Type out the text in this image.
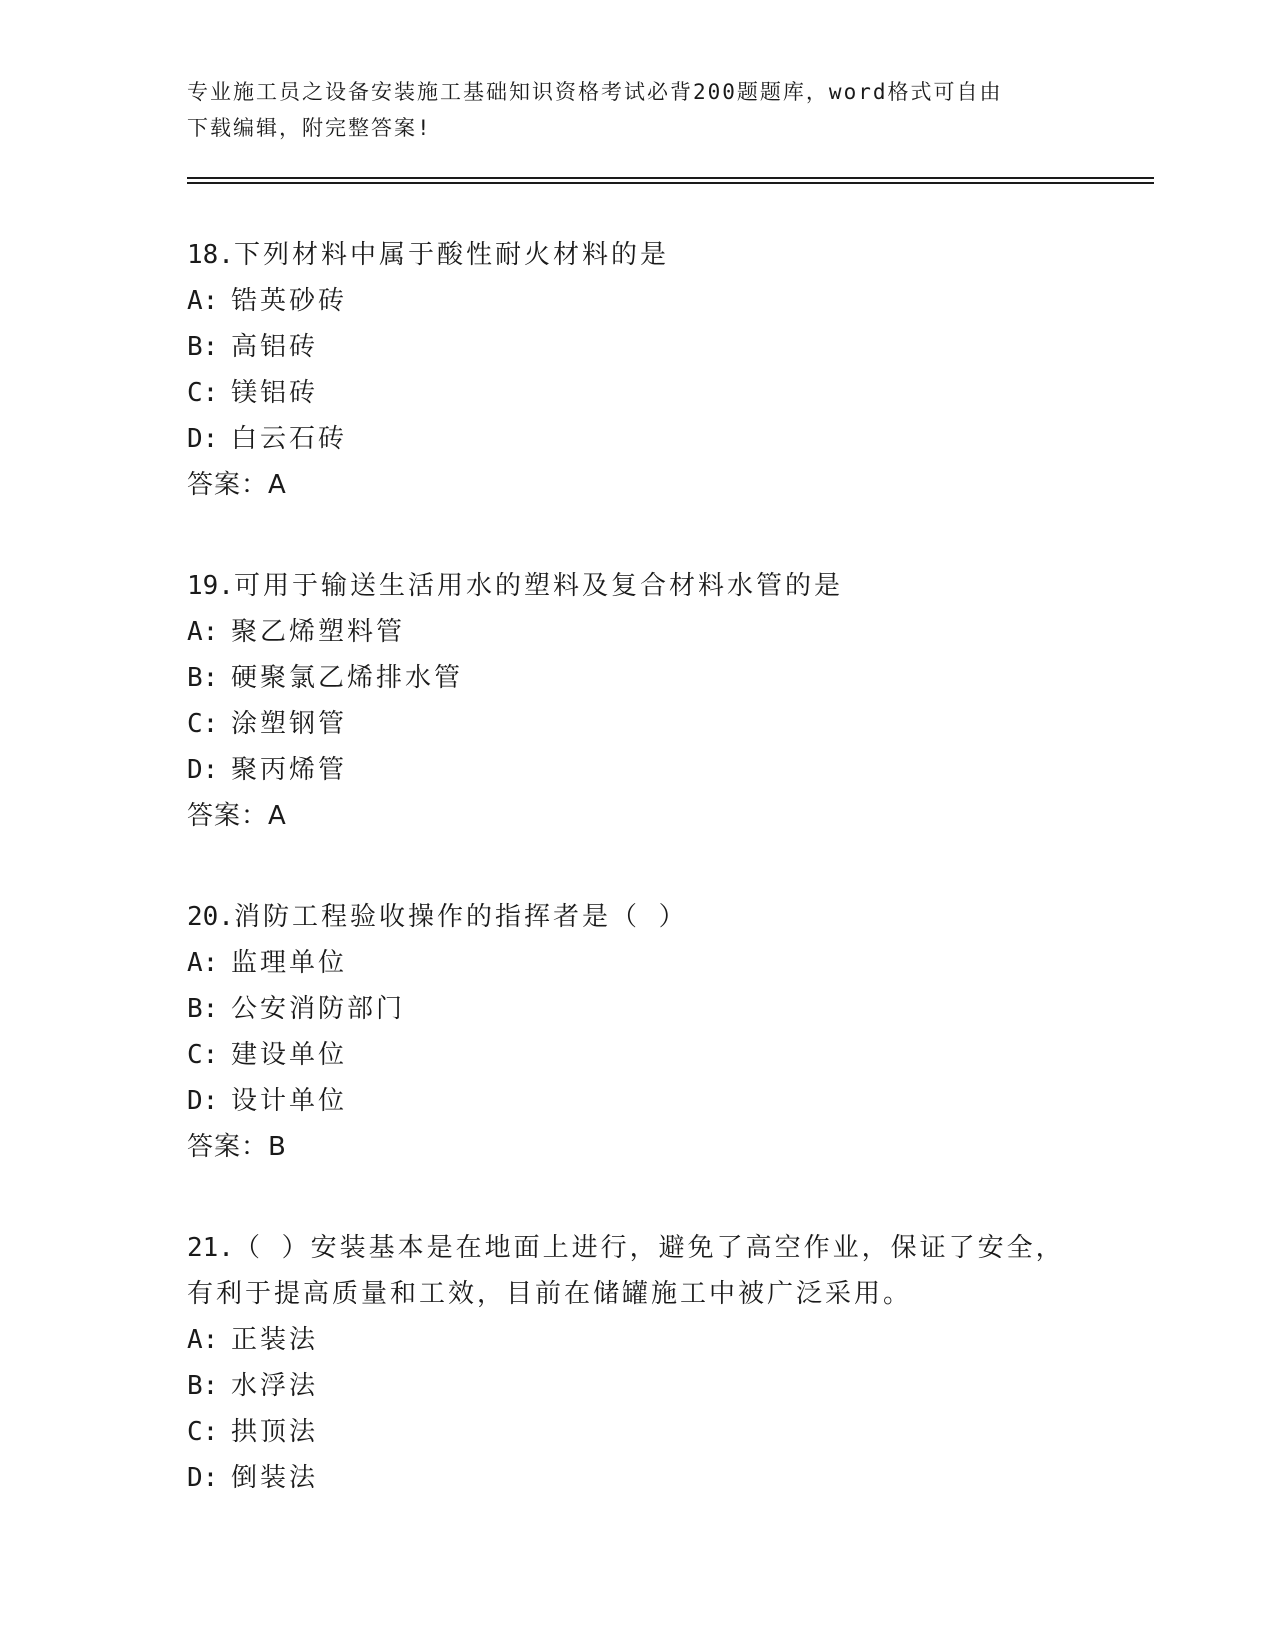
专业施工员之设备安装施工基础知识资格考试必背200题题库，word格式可自由
下载编辑，附完整答案!
18.下列材料中属于酸性耐火材料的是
A: 锆英砂砖
B: 高铝砖
C: 镁铝砖
D: 白云石砖
答案：A
19.可用于输送生活用水的塑料及复合材料水管的是
A: 聚乙烯塑料管
B: 硬聚氯乙烯排水管
C: 涂塑钢管
D: 聚丙烯管
答案：A
20.消防工程验收操作的指挥者是（ ）
A: 监理单位
B: 公安消防部门
C: 建设单位
D: 设计单位
答案：B
21.（ ）安装基本是在地面上进行，避免了高空作业，保证了安全，
有利于提高质量和工效，目前在储罐施工中被广泛采用。
A: 正装法
B: 水浮法
C: 拱顶法
D: 倒装法
